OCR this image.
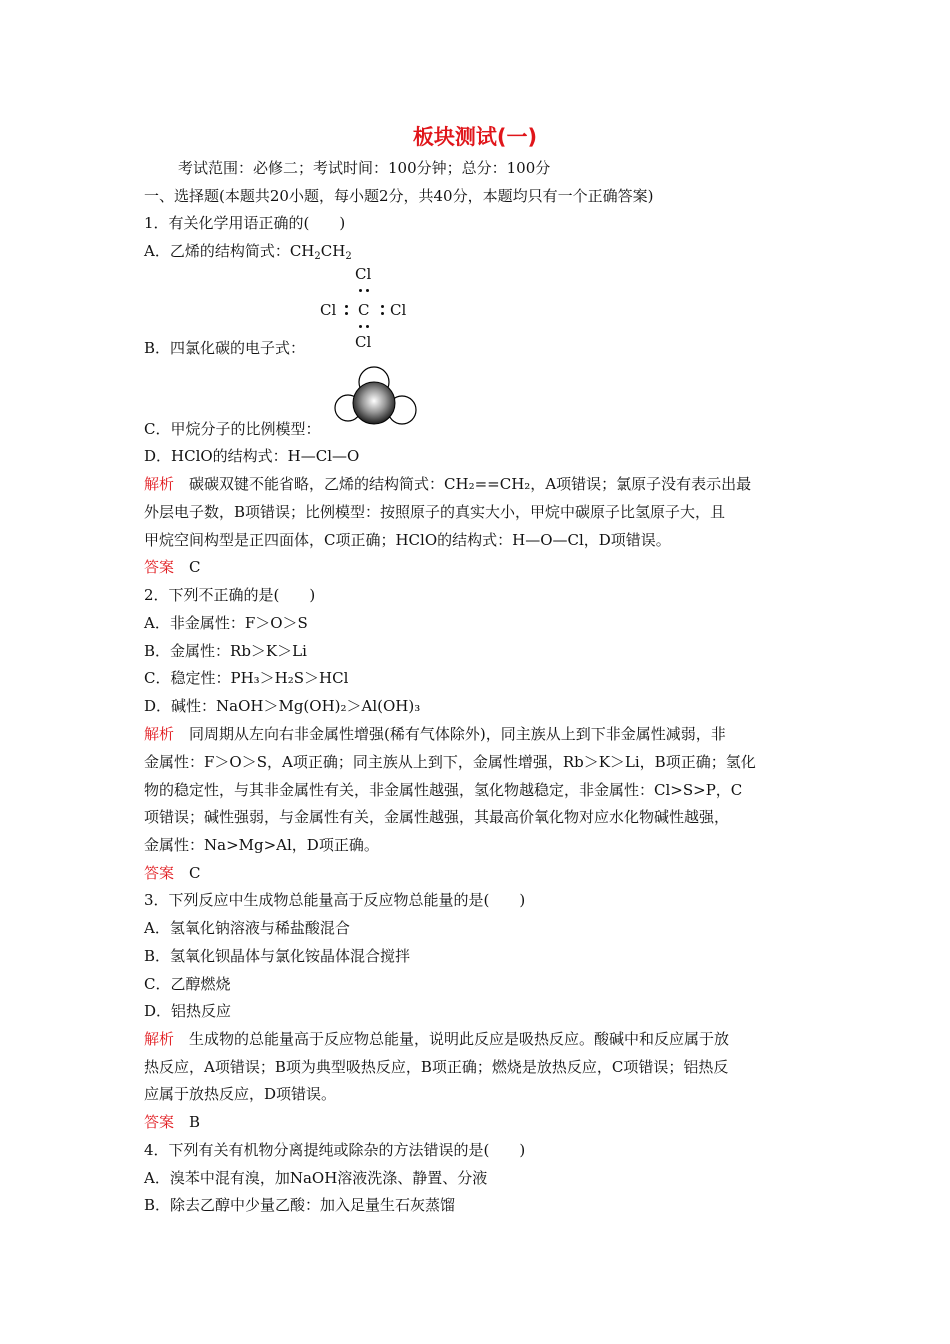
板块测试(一)
考试范围：必修二；考试时间：100分钟；总分：100分
一、选择题(本题共20小题，每小题2分，共40分，本题均只有一个正确答案)
1．有关化学用语正确的(　　)
A．乙烯的结构简式：$CH_2CH_2$
Cl
Cl C Cl
Cl
B．四氯化碳的电子式：
C．甲烷分子的比例模型：
D．HClO的结构式：H—Cl—O
解析　 碳碳双键不能省略，乙烯的结构简式：CH₂==CH₂，A项错误；氯原子没有表示出最
外层电子数，B项错误；比例模型：按照原子的真实大小，甲烷中碳原子比氢原子大，且
甲烷空间构型是正四面体，C项正确；HClO的结构式：H—O—Cl，D项错误。
答案　 C
2．下列不正确的是(　　)
A．非金属性：F＞O＞S
B．金属性：Rb＞K＞Li
C．稳定性：PH₃＞H₂S＞HCl
D．碱性：NaOH＞Mg(OH)₂＞Al(OH)₃
解析　 同周期从左向右非金属性增强(稀有气体除外)，同主族从上到下非金属性减弱，非
金属性：F＞O＞S，A项正确；同主族从上到下，金属性增强，Rb＞K＞Li，B项正确；氢化
物的稳定性，与其非金属性有关，非金属性越强，氢化物越稳定，非金属性：Cl>S>P，C
项错误；碱性强弱，与金属性有关，金属性越强，其最高价氧化物对应水化物碱性越强，
金属性：Na>Mg>Al，D项正确。
答案　 C
3．下列反应中生成物总能量高于反应物总能量的是(　　)
A．氢氧化钠溶液与稀盐酸混合
B．氢氧化钡晶体与氯化铵晶体混合搅拌
C．乙醇燃烧
D．铝热反应
解析　 生成物的总能量高于反应物总能量，说明此反应是吸热反应。酸碱中和反应属于放
热反应，A项错误；B项为典型吸热反应，B项正确；燃烧是放热反应，C项错误；铝热反
应属于放热反应，D项错误。
答案　 B
4．下列有关有机物分离提纯或除杂的方法错误的是(　　)
A．溴苯中混有溴，加NaOH溶液洗涤、静置、分液
B．除去乙醇中少量乙酸：加入足量生石灰蒸馏
